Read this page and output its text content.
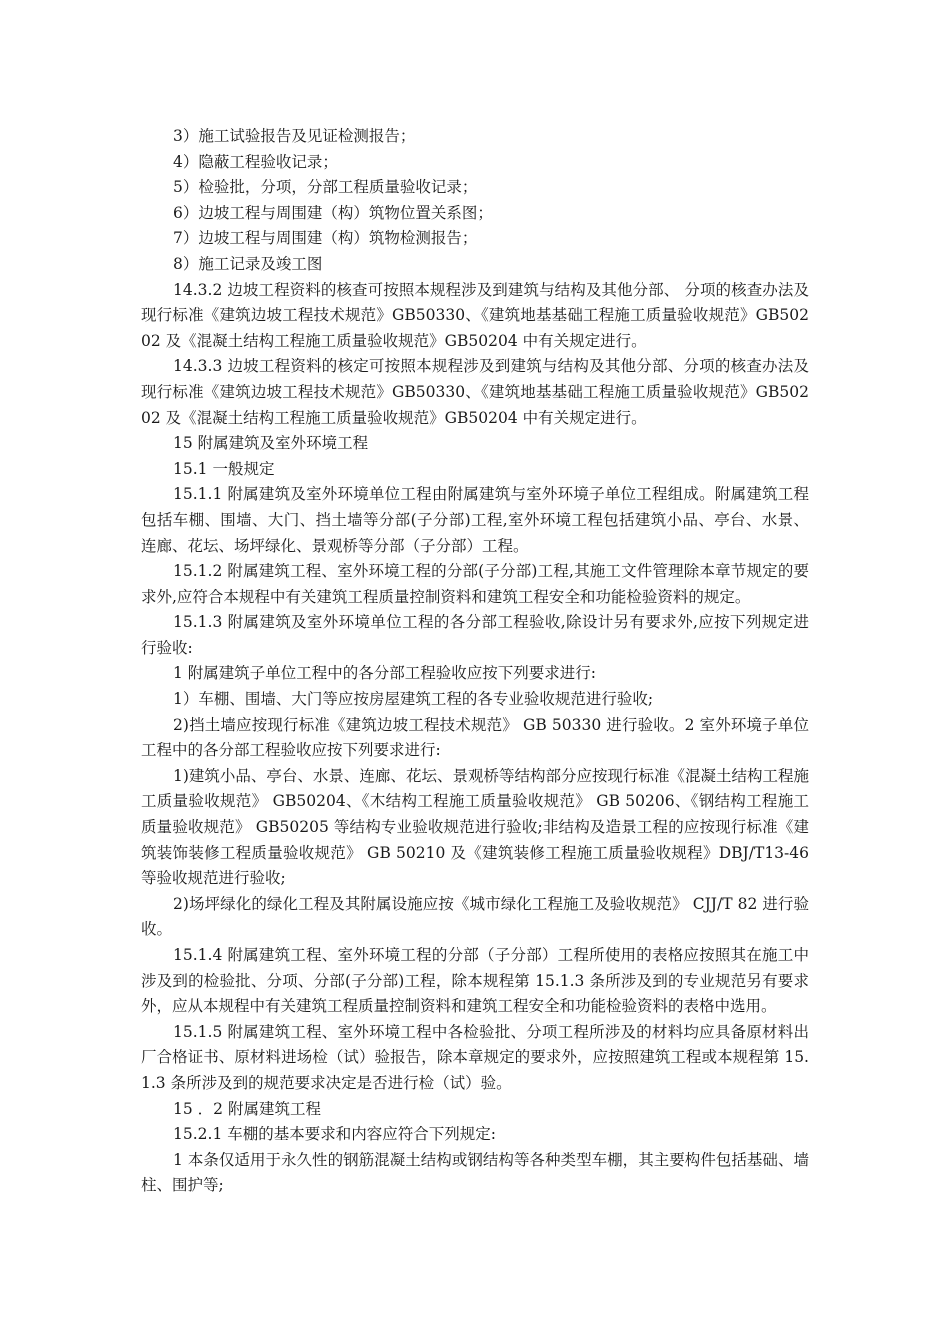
3）施工试验报告及见证检测报告；

4）隐蔽工程验收记录；

5）检验批，分项，分部工程质量验收记录；

6）边坡工程与周围建（构）筑物位置关系图；

7）边坡工程与周围建（构）筑物检测报告；

8）施工记录及竣工图

14.3.2 边坡工程资料的核查可按照本规程涉及到建筑与结构及其他分部、 分项的核查办法及现行标准《建筑边坡工程技术规范》GB50330、《建筑地基基础工程施工质量验收规范》GB50202 及《混凝土结构工程施工质量验收规范》GB50204 中有关规定进行。

14.3.3 边坡工程资料的核定可按照本规程涉及到建筑与结构及其他分部、分项的核查办法及现行标准《建筑边坡工程技术规范》GB50330、《建筑地基基础工程施工质量验收规范》GB50202 及《混凝土结构工程施工质量验收规范》GB50204 中有关规定进行。

15 附属建筑及室外环境工程

15.1 一般规定

15.1.1 附属建筑及室外环境单位工程由附属建筑与室外环境子单位工程组成。附属建筑工程包括车棚、围墙、大门、挡土墙等分部(子分部)工程,室外环境工程包括建筑小品、亭台、水景、连廊、花坛、场坪绿化、景观桥等分部（子分部）工程。

15.1.2 附属建筑工程、室外环境工程的分部(子分部)工程,其施工文件管理除本章节规定的要求外,应符合本规程中有关建筑工程质量控制资料和建筑工程安全和功能检验资料的规定。

15.1.3 附属建筑及室外环境单位工程的各分部工程验收,除设计另有要求外,应按下列规定进行验收:

1 附属建筑子单位工程中的各分部工程验收应按下列要求进行:

1）车棚、围墙、大门等应按房屋建筑工程的各专业验收规范进行验收;

2)挡土墙应按现行标准《建筑边坡工程技术规范》 GB 50330 进行验收。2 室外环境子单位工程中的各分部工程验收应按下列要求进行:

1)建筑小品、亭台、水景、连廊、花坛、景观桥等结构部分应按现行标准《混凝土结构工程施工质量验收规范》 GB50204、《木结构工程施工质量验收规范》 GB 50206、《钢结构工程施工质量验收规范》 GB50205 等结构专业验收规范进行验收;非结构及造景工程的应按现行标准《建筑装饰装修工程质量验收规范》 GB 50210 及《建筑装修工程施工质量验收规程》DBJ/T13-46 等验收规范进行验收;

2)场坪绿化的绿化工程及其附属设施应按《城市绿化工程施工及验收规范》 CJJ/T 82 进行验收。

15.1.4 附属建筑工程、室外环境工程的分部（子分部）工程所使用的表格应按照其在施工中涉及到的检验批、分项、分部(子分部)工程，除本规程第 15.1.3 条所涉及到的专业规范另有要求外，应从本规程中有关建筑工程质量控制资料和建筑工程安全和功能检验资料的表格中选用。

15.1.5 附属建筑工程、室外环境工程中各检验批、分项工程所涉及的材料均应具备原材料出厂合格证书、原材料进场检（试）验报告，除本章规定的要求外，应按照建筑工程或本规程第 15.1.3 条所涉及到的规范要求决定是否进行检（试）验。

15 ．2 附属建筑工程

15.2.1 车棚的基本要求和内容应符合下列规定:

1 本条仅适用于永久性的钢筋混凝土结构或钢结构等各种类型车棚，其主要构件包括基础、墙柱、围护等;
